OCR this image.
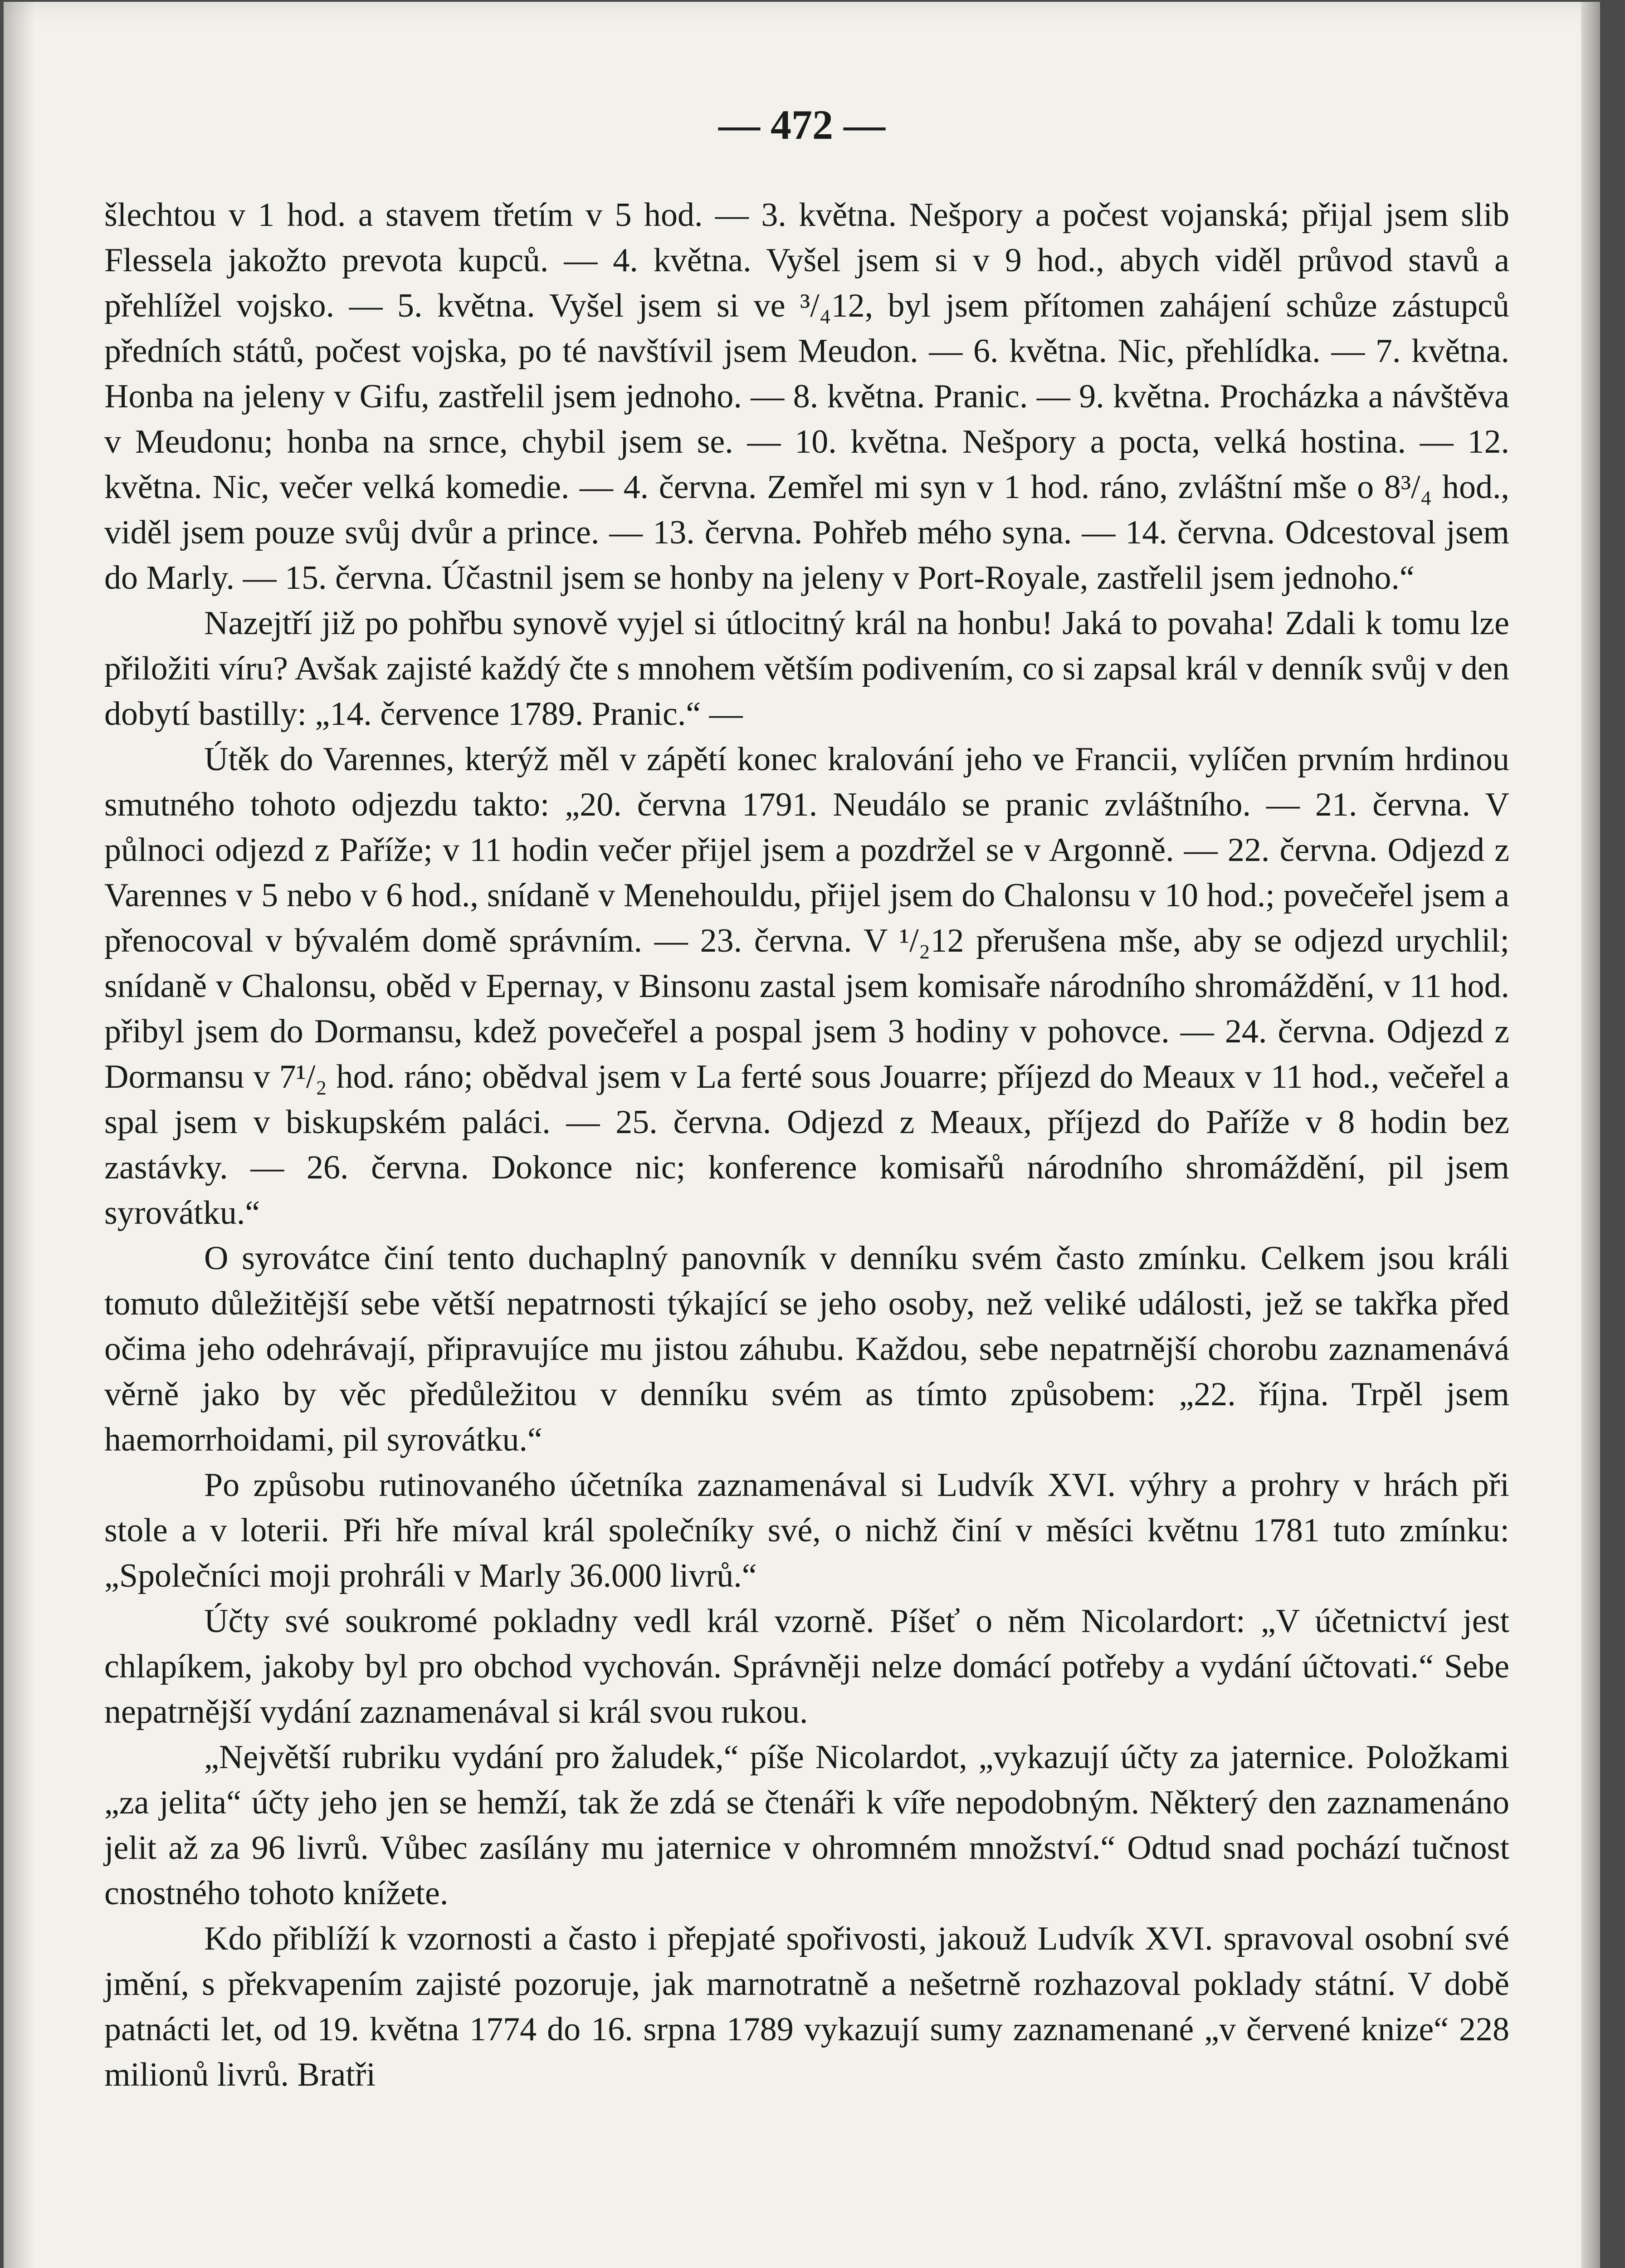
— 472 —

šlechtou v 1 hod. a stavem třetím v 5 hod. — 3. května. Nešpory a počest vojanská; přijal jsem slib Flessela jakožto prevota kupců. — 4. května. Vyšel jsem si v 9 hod., abych viděl průvod stavů a přehlížel vojsko. — 5. května. Vyšel jsem si ve ³/₄12, byl jsem přítomen zahájení schůze zástupců předních států, počest vojska, po té navštívil jsem Meudon. — 6. května. Nic, přehlídka. — 7. května. Honba na jeleny v Gifu, zastřelil jsem jednoho. — 8. května. Pranic. — 9. května. Procházka a návštěva v Meudonu; honba na srnce, chybil jsem se. — 10. května. Nešpory a pocta, velká hostina. — 12. května. Nic, večer velká komedie. — 4. června. Zemřel mi syn v 1 hod. ráno, zvláštní mše o 8³/₄ hod., viděl jsem pouze svůj dvůr a prince. — 13. června. Pohřeb mého syna. — 14. června. Odcestoval jsem do Marly. — 15. června. Účastnil jsem se honby na jeleny v Port-Royale, zastřelil jsem jednoho.“

Nazejtří již po pohřbu synově vyjel si útlocitný král na honbu! Jaká to povaha! Zdali k tomu lze přiložiti víru? Avšak zajisté každý čte s mnohem větším podivením, co si zapsal král v denník svůj v den dobytí bastilly: „14. července 1789. Pranic.“ —

Útěk do Varennes, kterýž měl v zápětí konec kralování jeho ve Francii, vylíčen prvním hrdinou smutného tohoto odjezdu takto: „20. června 1791. Neudálo se pranic zvláštního. — 21. června. V půlnoci odjezd z Paříže; v 11 hodin večer přijel jsem a pozdržel se v Argonně. — 22. června. Odjezd z Varennes v 5 nebo v 6 hod., snídaně v Menehouldu, přijel jsem do Chalonsu v 10 hod.; povečeřel jsem a přenocoval v bývalém domě správním. — 23. června. V ¹/₂12 přerušena mše, aby se odjezd urychlil; snídaně v Chalonsu, oběd v Epernay, v Binsonu zastal jsem komisaře národního shromáždění, v 11 hod. přibyl jsem do Dormansu, kdež povečeřel a pospal jsem 3 hodiny v pohovce. — 24. června. Odjezd z Dormansu v 7¹/₂ hod. ráno; obědval jsem v La ferté sous Jouarre; příjezd do Meaux v 11 hod., večeřel a spal jsem v biskupském paláci. — 25. června. Odjezd z Meaux, příjezd do Paříže v 8 hodin bez zastávky. — 26. června. Dokonce nic; konference komisařů národního shromáždění, pil jsem syrovátku.“

O syrovátce činí tento duchaplný panovník v denníku svém často zmínku. Celkem jsou králi tomuto důležitější sebe větší nepatrnosti týkající se jeho osoby, než veliké události, jež se takřka před očima jeho odehrávají, připravujíce mu jistou záhubu. Každou, sebe nepatrnější chorobu zaznamenává věrně jako by věc předůležitou v denníku svém as tímto způsobem: „22. října. Trpěl jsem haemorrhoidami, pil syrovátku.“

Po způsobu rutinovaného účetníka zaznamenával si Ludvík XVI. výhry a prohry v hrách při stole a v loterii. Při hře míval král společníky své, o nichž činí v měsíci květnu 1781 tuto zmínku: „Společníci moji prohráli v Marly 36.000 livrů.“

Účty své soukromé pokladny vedl král vzorně. Píšeť o něm Nicolardort: „V účetnictví jest chlapíkem, jakoby byl pro obchod vychován. Správněji nelze domácí potřeby a vydání účtovati.“ Sebe nepatrnější vydání zaznamenával si král svou rukou.

„Největší rubriku vydání pro žaludek,“ píše Nicolardot, „vykazují účty za jaternice. Položkami „za jelita“ účty jeho jen se hemží, tak že zdá se čtenáři k víře nepodobným. Některý den zaznamenáno jelit až za 96 livrů. Vůbec zasílány mu jaternice v ohromném množství.“ Odtud snad pochází tučnost cnostného tohoto knížete.

Kdo přiblíží k vzornosti a často i přepjaté spořivosti, jakouž Ludvík XVI. spravoval osobní své jmění, s překvapením zajisté pozoruje, jak marnotratně a nešetrně rozhazoval poklady státní. V době patnácti let, od 19. května 1774 do 16. srpna 1789 vykazují sumy zaznamenané „v červené knize“ 228 milionů livrů. Bratři
